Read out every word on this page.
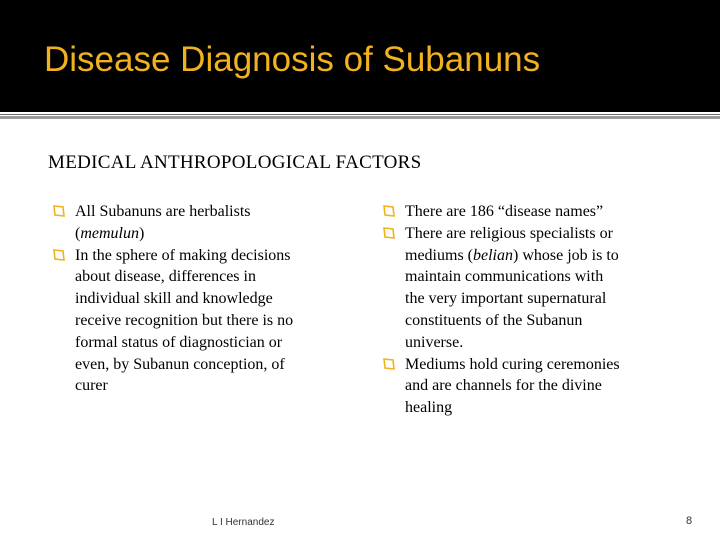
Disease Diagnosis of Subanuns
MEDICAL ANTHROPOLOGICAL FACTORS
All Subanuns are herbalists
(memulun)
In the sphere of making decisions
about disease, differences in
individual skill and knowledge
receive recognition but there is no
formal status of diagnostician or
even, by Subanun conception, of
curer
There are 186 “disease names”
There are religious specialists or
mediums (belian) whose job is to
maintain communications with
the very important supernatural
constituents of the Subanun
universe.
Mediums hold curing ceremonies
and are channels for the divine
healing
L I Hernandez	8
